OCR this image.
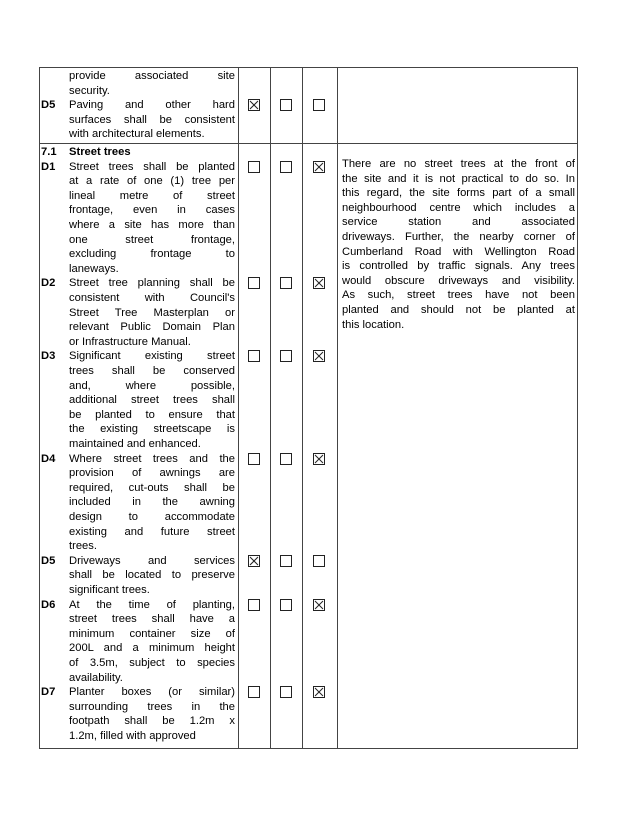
provide associated site
security.
D5 Paving and other hard
surfaces shall be consistent
with architectural elements.
7.1 Street trees
D1 Street trees shall be planted
at a rate of one (1) tree per
lineal metre of street
frontage, even in cases
where a site has more than
one street frontage,
excluding frontage to
laneways.
D2 Street tree planning shall be
consistent with Council's
Street Tree Masterplan or
relevant Public Domain Plan
or Infrastructure Manual.
D3 Significant existing street
trees shall be conserved
and, where possible,
additional street trees shall
be planted to ensure that
the existing streetscape is
maintained and enhanced.
D4 Where street trees and the
provision of awnings are
required, cut-outs shall be
included in the awning
design to accommodate
existing and future street
trees.
D5 Driveways and services
shall be located to preserve
significant trees.
D6 At the time of planting,
street trees shall have a
minimum container size of
200L and a minimum height
of 3.5m, subject to species
availability.
D7 Planter boxes (or similar)
surrounding trees in the
footpath shall be 1.2m x
1.2m, filled with approved
There are no street trees at the front of
the site and it is not practical to do so. In
this regard, the site forms part of a small
neighbourhood centre which includes a
service station and associated
driveways. Further, the nearby corner of
Cumberland Road with Wellington Road
is controlled by traffic signals. Any trees
would obscure driveways and visibility.
As such, street trees have not been
planted and should not be planted at
this location.
